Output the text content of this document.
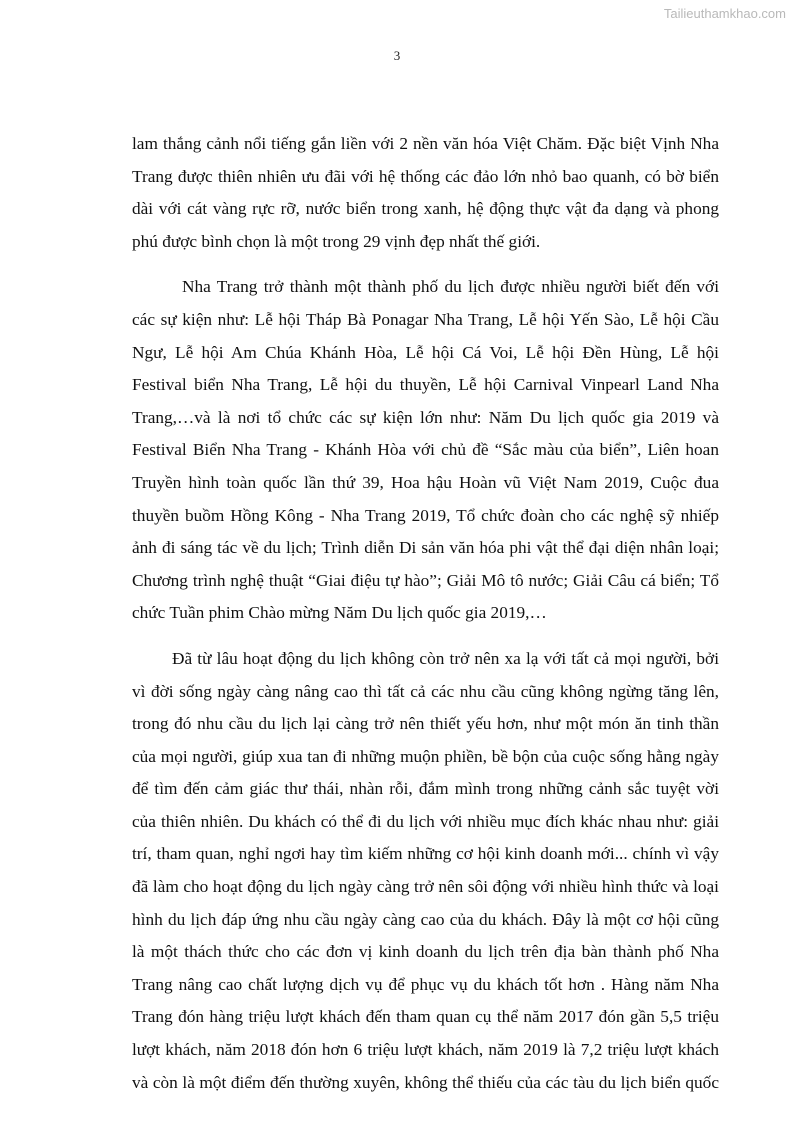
Tailieuthamkhao.com
3

lam thắng cảnh nổi tiếng gắn liền với 2 nền văn hóa Việt Chăm. Đặc biệt Vịnh Nha
Trang được thiên nhiên ưu đãi với hệ thống các đảo lớn nhỏ bao quanh, có bờ biển
dài với cát vàng rực rỡ, nước biển trong xanh, hệ động thực vật đa dạng và phong
phú được bình chọn là một trong 29 vịnh đẹp nhất thế giới.

Nha Trang trở thành một thành phố du lịch được nhiều người biết đến với
các sự kiện như: Lễ hội Tháp Bà Ponagar Nha Trang, Lễ hội Yến Sào, Lễ hội Cầu
Ngư, Lễ hội Am Chúa Khánh Hòa, Lễ hội Cá Voi, Lễ hội Đền Hùng, Lễ hội
Festival biển Nha Trang, Lễ hội du thuyền, Lễ hội Carnival Vinpearl Land Nha
Trang,…và là nơi tổ chức các sự kiện lớn như: Năm Du lịch quốc gia 2019 và
Festival Biển Nha Trang - Khánh Hòa với chủ đề “Sắc màu của biển”, Liên hoan
Truyền hình toàn quốc lần thứ 39, Hoa hậu Hoàn vũ Việt Nam 2019, Cuộc đua
thuyền buồm Hồng Kông - Nha Trang 2019, Tổ chức đoàn cho các nghệ sỹ nhiếp
ảnh đi sáng tác về du lịch; Trình diễn Di sản văn hóa phi vật thể đại diện nhân loại;
Chương trình nghệ thuật “Giai điệu tự hào”; Giải Mô tô nước; Giải Câu cá biển; Tổ
chức Tuần phim Chào mừng Năm Du lịch quốc gia 2019,…

Đã từ lâu hoạt động du lịch không còn trở nên xa lạ với tất cả mọi người, bởi
vì đời sống ngày càng nâng cao thì tất cả các nhu cầu cũng không ngừng tăng lên,
trong đó nhu cầu du lịch lại càng trở nên thiết yếu hơn, như một món ăn tinh thần
của mọi người, giúp xua tan đi những muộn phiền, bề bộn của cuộc sống hằng ngày
để tìm đến cảm giác thư thái, nhàn rỗi, đắm mình trong những cảnh sắc tuyệt vời
của thiên nhiên. Du khách có thể đi du lịch với nhiều mục đích khác nhau như: giải
trí, tham quan, nghỉ ngơi hay tìm kiếm những cơ hội kinh doanh mới... chính vì vậy
đã làm cho hoạt động du lịch ngày càng trở nên sôi động với nhiều hình thức và loại
hình du lịch đáp ứng nhu cầu ngày càng cao của du khách. Đây là một cơ hội cũng
là một thách thức cho các đơn vị kinh doanh du lịch trên địa bàn thành phố Nha
Trang nâng cao chất lượng dịch vụ để phục vụ du khách tốt hơn . Hàng năm Nha
Trang đón hàng triệu lượt khách đến tham quan cụ thể năm 2017 đón gần 5,5 triệu
lượt khách, năm 2018 đón hơn 6 triệu lượt khách, năm 2019 là 7,2 triệu lượt khách
và còn là một điểm đến thường xuyên, không thể thiếu của các tàu du lịch biển quốc
